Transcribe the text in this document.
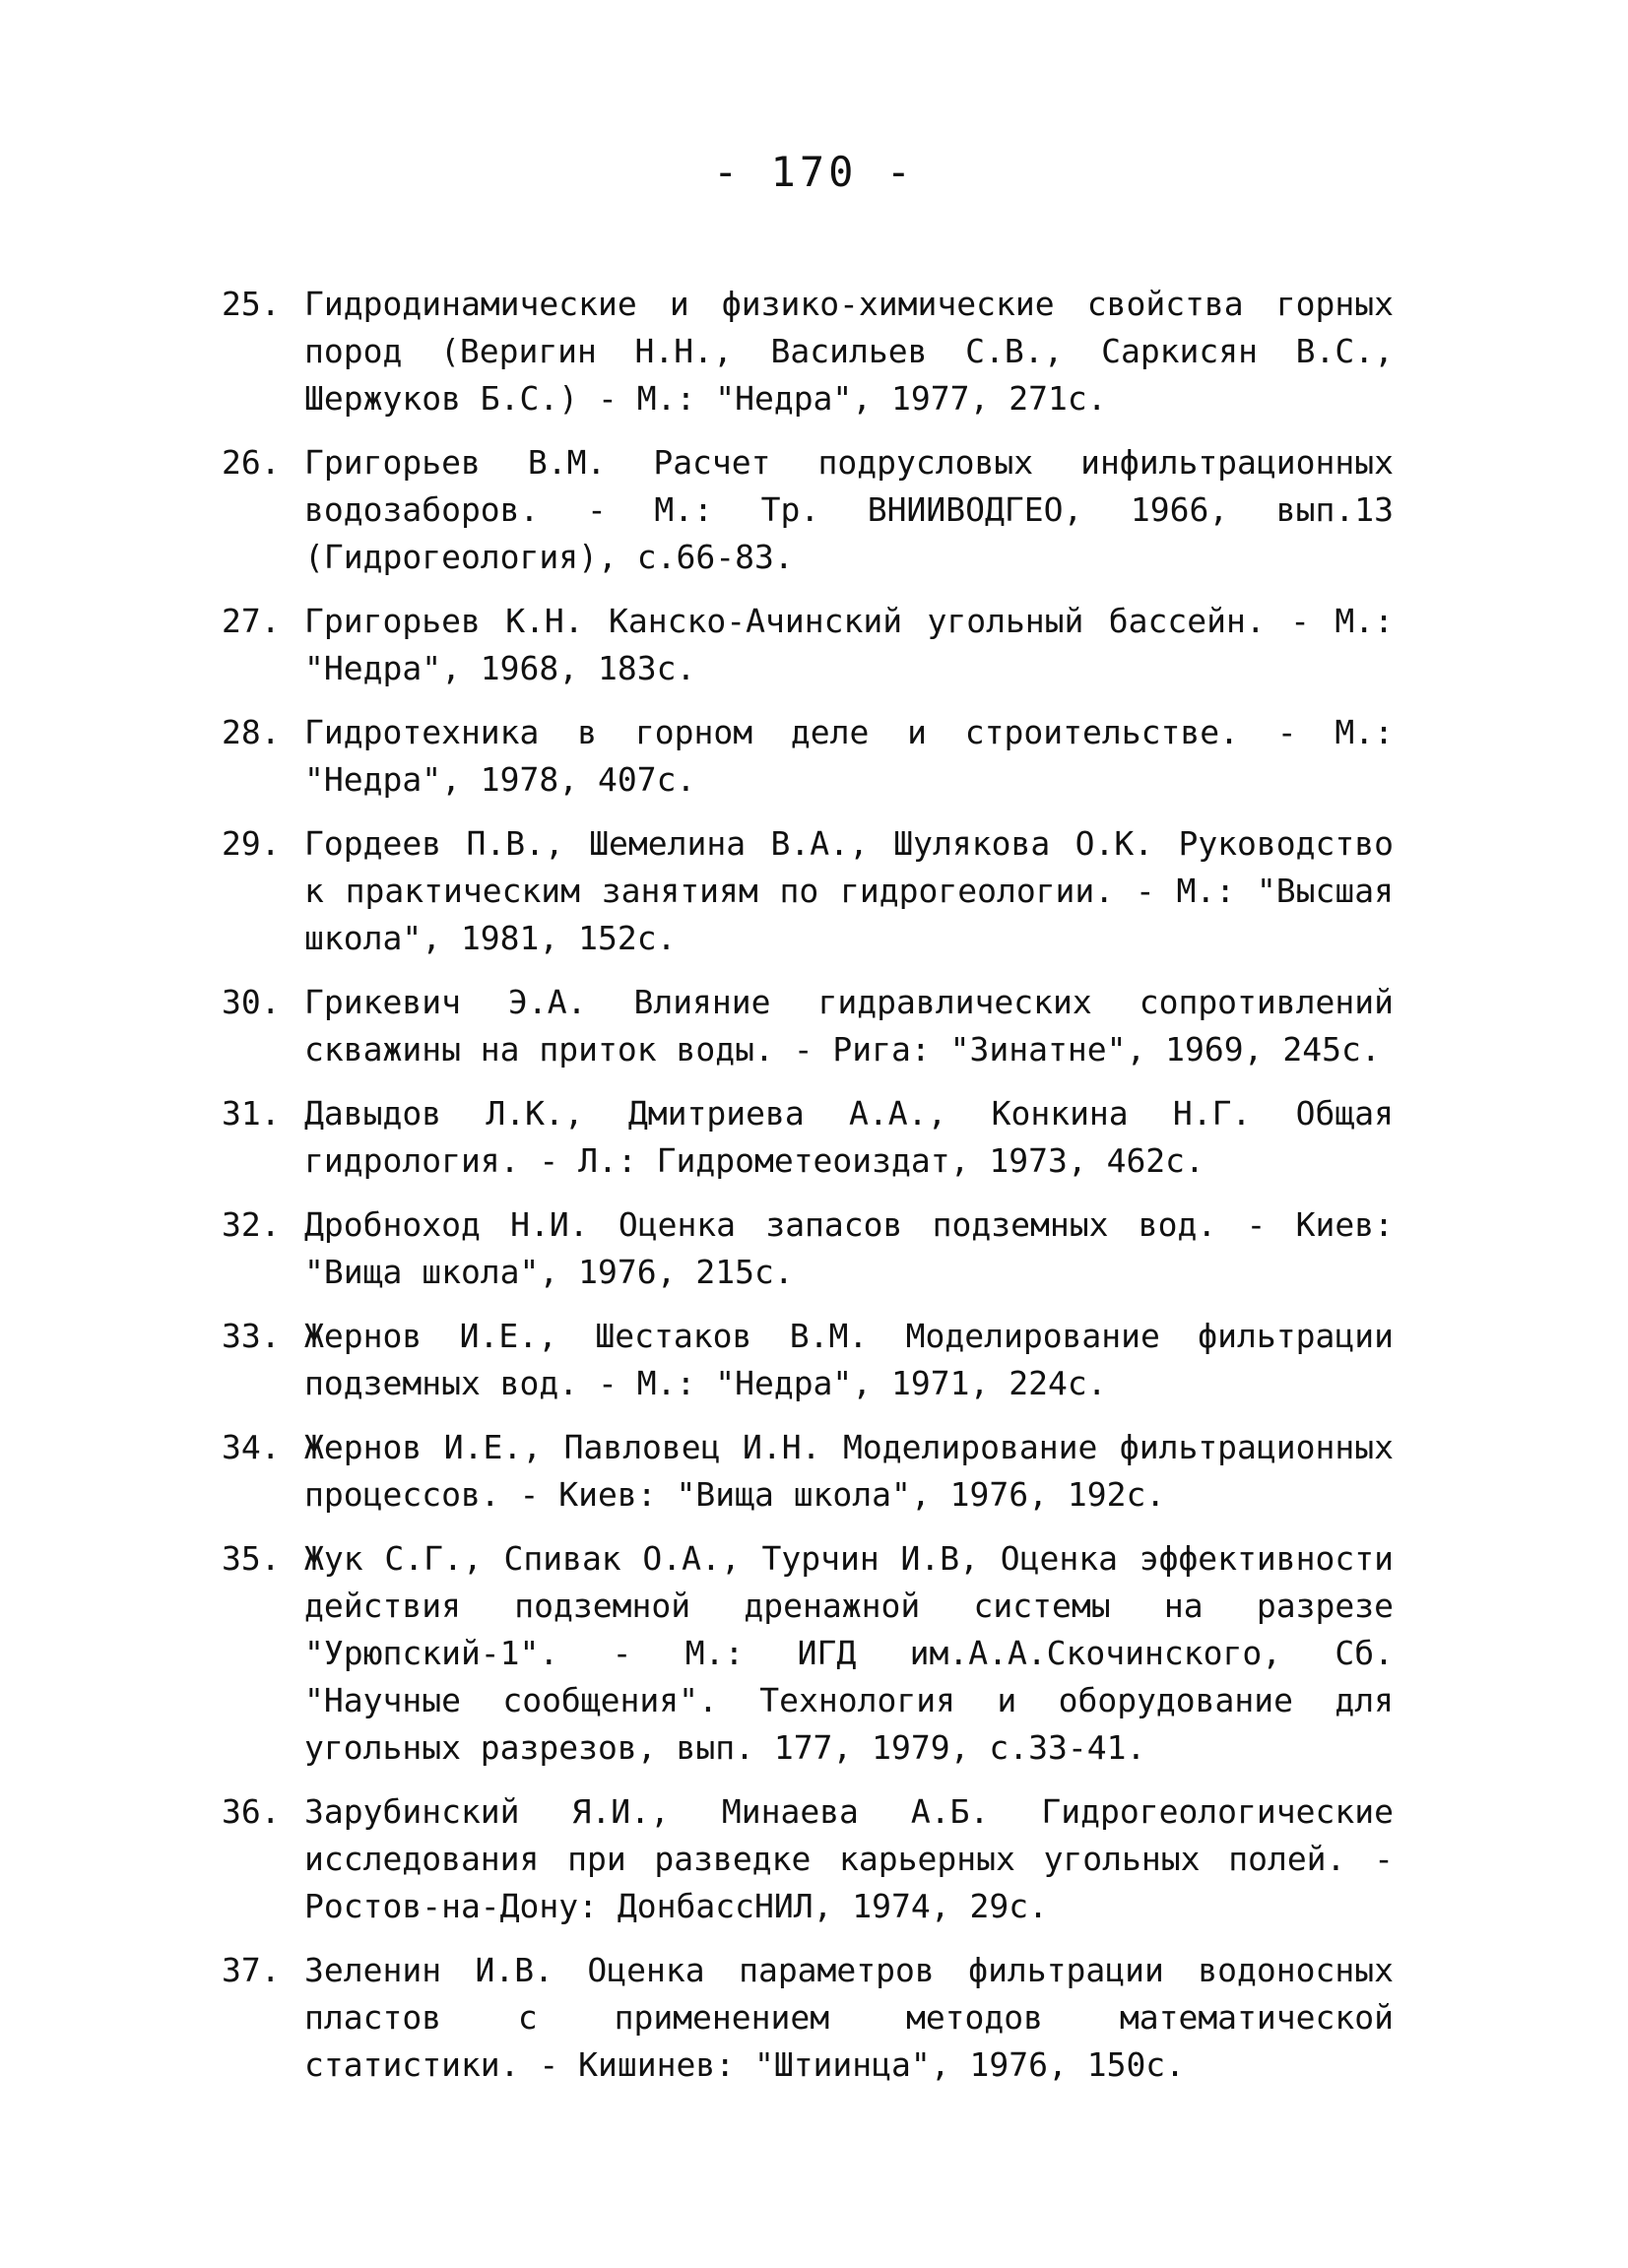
- 170 -
25. Гидродинамические и физико-химические свойства горных пород (Веригин Н.Н., Васильев С.В., Саркисян В.С., Шержуков Б.С.) - М.: "Недра", 1977, 271с.
26. Григорьев В.М. Расчет подрусловых инфильтрационных водозаборов. - М.: Тр. ВНИИВОДГЕО, 1966, вып.13 (Гидрогеология), с.66-83.
27. Григорьев К.Н. Канско-Ачинский угольный бассейн. - М.: "Недра", 1968, 183с.
28. Гидротехника в горном деле и строительстве. - М.: "Недра", 1978, 407с.
29. Гордеев П.В., Шемелина В.А., Шулякова О.К. Руководство к практическим занятиям по гидрогеологии. - М.: "Высшая школа", 1981, 152с.
30. Грикевич Э.А. Влияние гидравлических сопротивлений скважины на приток воды. - Рига: "Зинатне", 1969, 245с.
31. Давыдов Л.К., Дмитриева А.А., Конкина Н.Г. Общая гидрология. - Л.: Гидрометеоиздат, 1973, 462с.
32. Дробноход Н.И. Оценка запасов подземных вод. - Киев: "Вища школа", 1976, 215с.
33. Жернов И.Е., Шестаков В.М. Моделирование фильтрации подземных вод. - М.: "Недра", 1971, 224с.
34. Жернов И.Е., Павловец И.Н. Моделирование фильтрационных процессов. - Киев: "Вища школа", 1976, 192с.
35. Жук С.Г., Спивак О.А., Турчин И.В, Оценка эффективности действия подземной дренажной системы на разрезе "Урюпский-1". - М.: ИГД им.А.А.Скочинского, Сб. "Научные сообщения". Технология и оборудование для угольных разрезов, вып. 177, 1979, с.33-41.
36. Зарубинский Я.И., Минаева А.Б. Гидрогеологические исследования при разведке карьерных угольных полей. - Ростов-на-Дону: ДонбассНИЛ, 1974, 29с.
37. Зеленин И.В. Оценка параметров фильтрации водоносных пластов с применением методов математической статистики. - Кишинев: "Штиинца", 1976, 150с.
